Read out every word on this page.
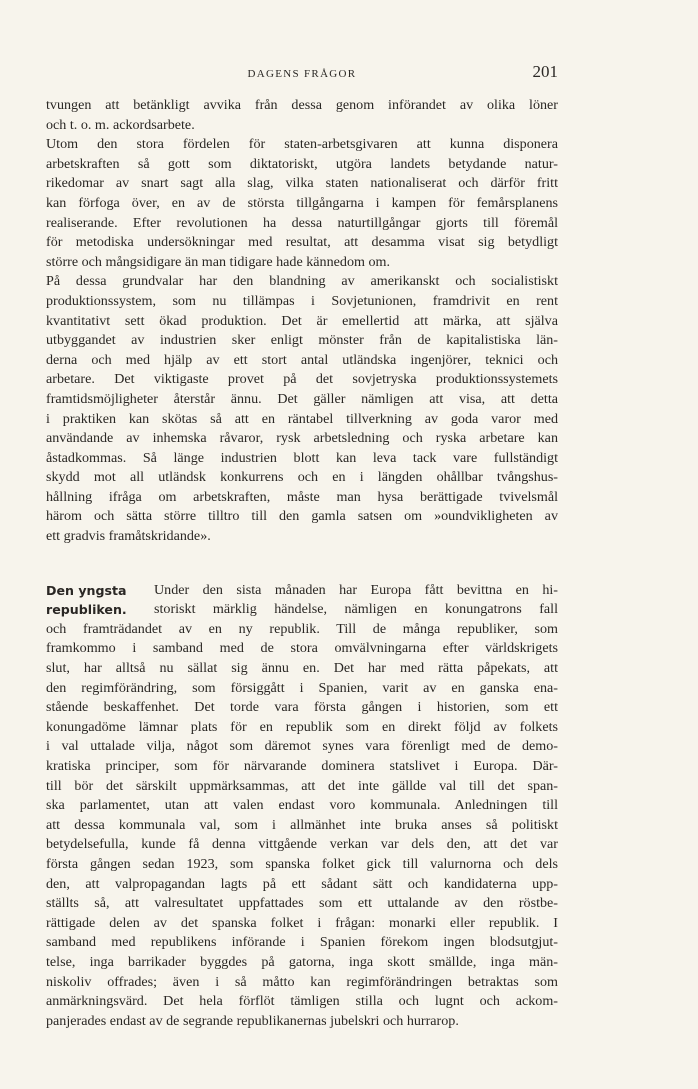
DAGENS FRÅGOR	201

tvungen att betänkligt avvika från dessa genom införandet av olika löner

och t. o. m. ackordsarbete.

Utom den stora fördelen för staten-arbetsgivaren att kunna disponera

arbetskraften så gott som diktatoriskt, utgöra landets betydande natur-

rikedomar av snart sagt alla slag, vilka staten nationaliserat och därför fritt

kan förfoga över, en av de största tillgångarna i kampen för femårsplanens

realiserande. Efter revolutionen ha dessa naturtillgångar gjorts till föremål

för metodiska undersökningar med resultat, att desamma visat sig betydligt

större och mångsidigare än man tidigare hade kännedom om.

På dessa grundvalar har den blandning av amerikanskt och socialistiskt

produktionssystem, som nu tillämpas i Sovjetunionen, framdrivit en rent

kvantitativt sett ökad produktion. Det är emellertid att märka, att själva

utbyggandet av industrien sker enligt mönster från de kapitalistiska län-

derna och med hjälp av ett stort antal utländska ingenjörer, teknici och

arbetare. Det viktigaste provet på det sovjetryska produktionssystemets

framtidsmöjligheter återstår ännu. Det gäller nämligen att visa, att detta

i praktiken kan skötas så att en räntabel tillverkning av goda varor med

användande av inhemska råvaror, rysk arbetsledning och ryska arbetare kan

åstadkommas. Så länge industrien blott kan leva tack vare fullständigt

skydd mot all utländsk konkurrens och en i längden ohållbar tvångshus-

hållning ifråga om arbetskraften, måste man hysa berättigade tvivelsmål

härom och sätta större tilltro till den gamla satsen om »oundvikligheten av

ett gradvis framåtskridande».

Den yngsta
republiken.

Under den sista månaden har Europa fått bevittna en hi-

storiskt märklig händelse, nämligen en konungatrons fall

och framträdandet av en ny republik. Till de många republiker, som

framkommo i samband med de stora omvälvningarna efter världskrigets

slut, har alltså nu sällat sig ännu en. Det har med rätta påpekats, att

den regimförändring, som försiggått i Spanien, varit av en ganska ena-

stående beskaffenhet. Det torde vara första gången i historien, som ett

konungadöme lämnar plats för en republik som en direkt följd av folkets

i val uttalade vilja, något som däremot synes vara förenligt med de demo-

kratiska principer, som för närvarande dominera statslivet i Europa. Där-

till bör det särskilt uppmärksammas, att det inte gällde val till det span-

ska parlamentet, utan att valen endast voro kommunala. Anledningen till

att dessa kommunala val, som i allmänhet inte bruka anses så politiskt

betydelsefulla, kunde få denna vittgående verkan var dels den, att det var

första gången sedan 1923, som spanska folket gick till valurnorna och dels

den, att valpropagandan lagts på ett sådant sätt och kandidaterna upp-

ställts så, att valresultatet uppfattades som ett uttalande av den röstbe-

rättigade delen av det spanska folket i frågan: monarki eller republik. I

samband med republikens införande i Spanien förekom ingen blodsutgjut-

telse, inga barrikader byggdes på gatorna, inga skott smällde, inga män-

niskoliv offrades; även i så måtto kan regimförändringen betraktas som

anmärkningsvärd. Det hela förflöt tämligen stilla och lugnt och ackom-

panjerades endast av de segrande republikanernas jubelskri och hurrarop.
